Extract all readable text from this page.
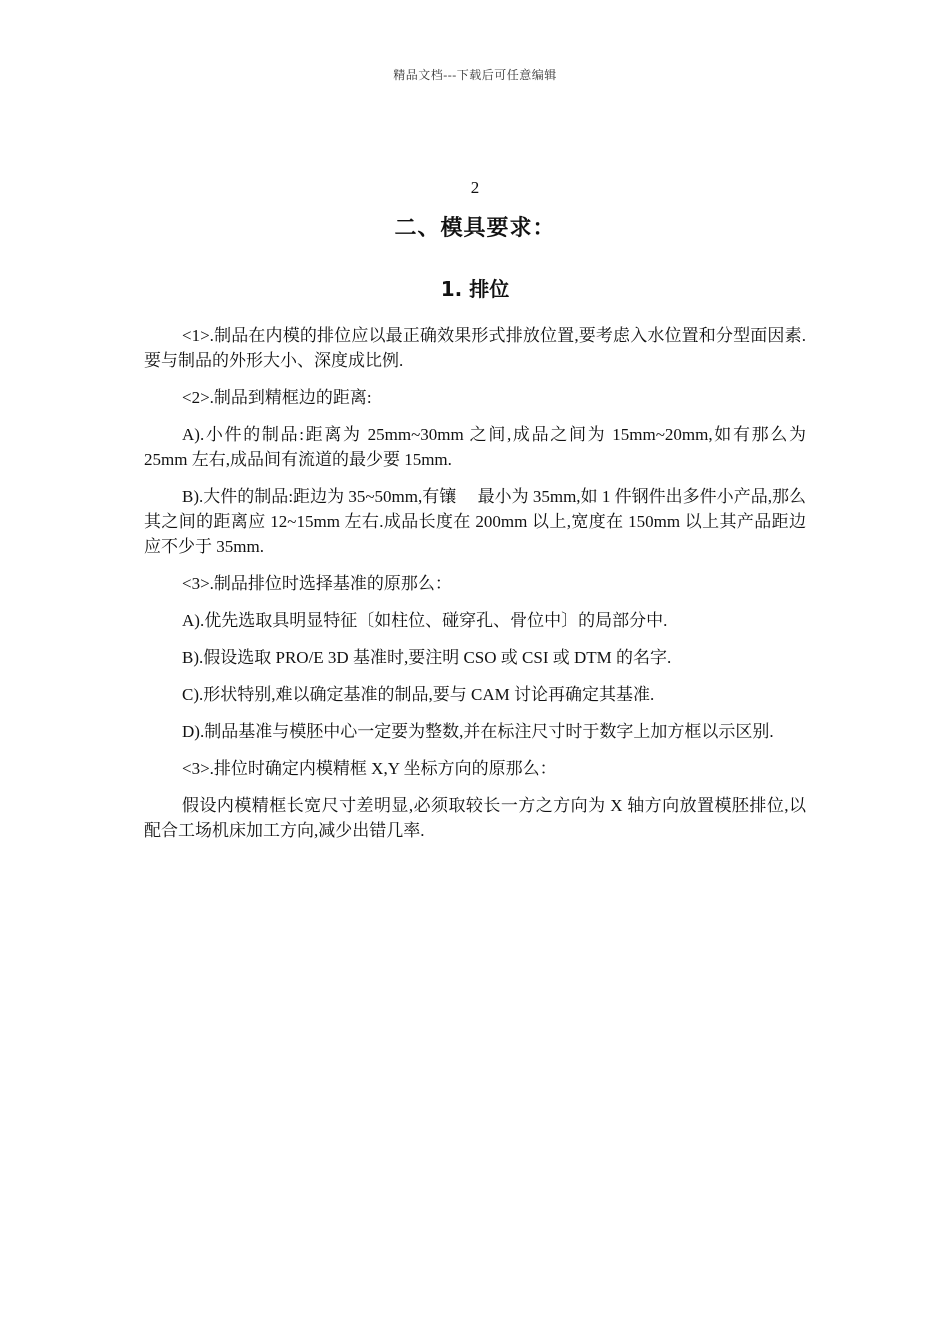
精品文档---下载后可任意编辑
2
二、模具要求：
1. 排位

<1>.制品在内模的排位应以最正确效果形式排放位置,要考虑入水位置和分型面因素. 要与制品的外形大小、深度成比例.

<2>.制品到精框边的距离:

A).小件的制品:距离为 25mm~30mm 之间,成品之间为 15mm~20mm,如有那么为 25mm 左右,成品间有流道的最少要 15mm.

B).大件的制品:距边为 35~50mm,有镶　 最小为 35mm,如 1 件钢件出多件小产品,那么其之间的距离应 12~15mm 左右.成品长度在 200mm 以上,宽度在 150mm 以上其产品距边应不少于 35mm.

<3>.制品排位时选择基准的原那么：

A).优先选取具明显特征〔如柱位、碰穿孔、骨位中〕的局部分中.

B).假设选取 PRO/E 3D 基准时,要注明 CSO 或 CSI 或 DTM 的名字.

C).形状特别,难以确定基准的制品,要与 CAM 讨论再确定其基准.

D).制品基准与模胚中心一定要为整数,并在标注尺寸时于数字上加方框以示区别.

<3>.排位时确定内模精框 X,Y 坐标方向的原那么：

假设内模精框长宽尺寸差明显,必须取较长一方之方向为 X 轴方向放置模胚排位,以配合工场机床加工方向,减少出错几率.
